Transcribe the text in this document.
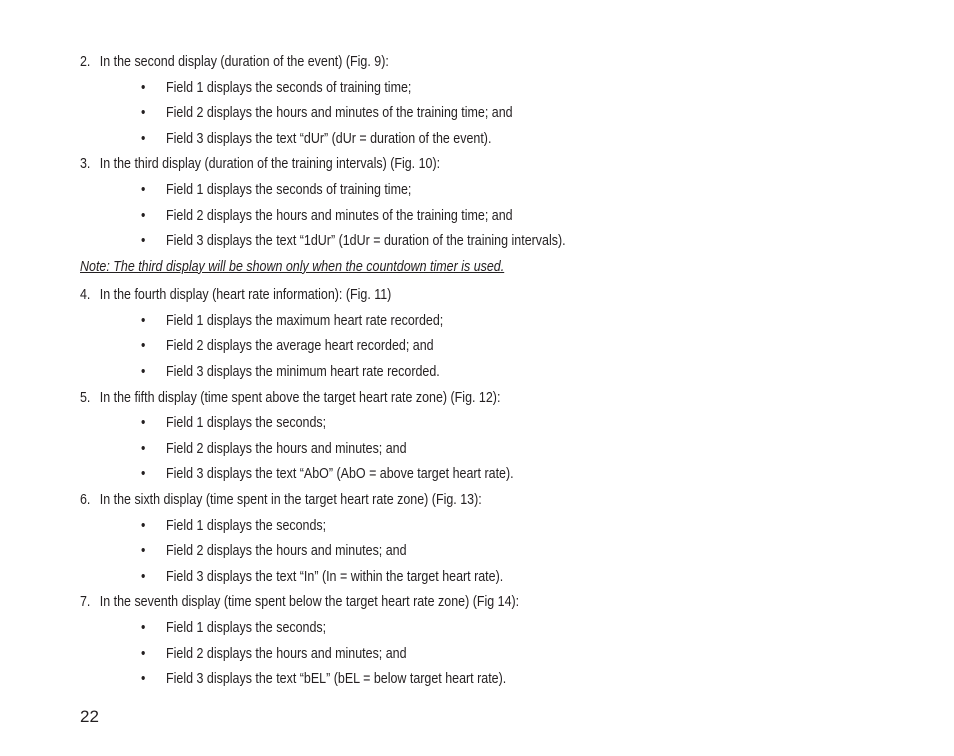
2. In the second display (duration of the event) (Fig. 9):
• Field 1 displays the seconds of training time;
• Field 2 displays the hours and minutes of the training time; and
• Field 3 displays the text “dUr” (dUr = duration of the event).
3. In the third display (duration of the training intervals) (Fig. 10):
• Field 1 displays the seconds of training time;
• Field 2 displays the hours and minutes of the training time; and
• Field 3 displays the text “1dUr” (1dUr = duration of the training intervals).
Note: The third display will be shown only when the countdown timer is used.
4. In the fourth display (heart rate information): (Fig. 11)
• Field 1 displays the maximum heart rate recorded;
• Field 2 displays the average heart recorded; and
• Field 3 displays the minimum heart rate recorded.
5. In the fifth display (time spent above the target heart rate zone) (Fig. 12):
• Field 1 displays the seconds;
• Field 2 displays the hours and minutes; and
• Field 3 displays the text “AbO” (AbO = above target heart rate).
6. In the sixth display (time spent in the target heart rate zone) (Fig. 13):
• Field 1 displays the seconds;
• Field 2 displays the hours and minutes; and
• Field 3 displays the text “In” (In = within the target heart rate).
7. In the seventh display (time spent below the target heart rate zone) (Fig 14):
• Field 1 displays the seconds;
• Field 2 displays the hours and minutes; and
• Field 3 displays the text “bEL” (bEL = below target heart rate).
22
